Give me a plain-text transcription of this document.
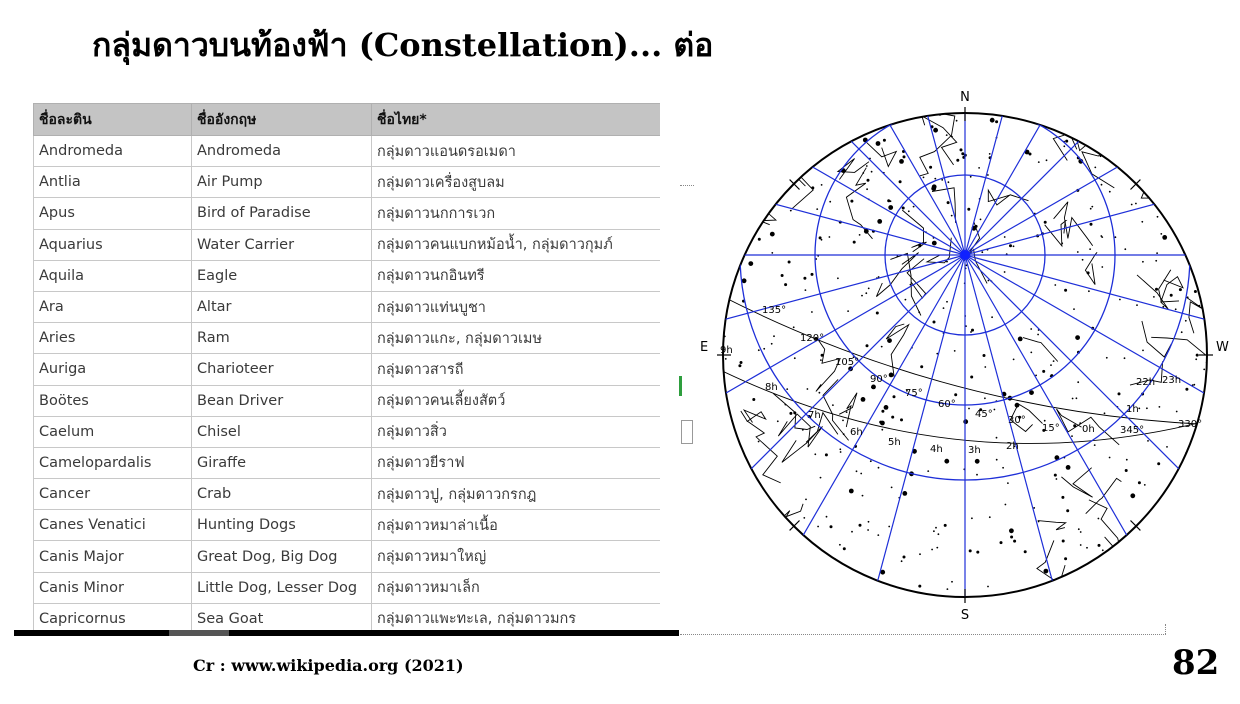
กลุ่มดาวบนท้องฟ้า (Constellation)... ต่อ
ชื่อละติน	ชื่ออังกฤษ	ชื่อไทย*
Andromeda	Andromeda	กลุ่มดาวแอนดรอเมดา
Antlia	Air Pump	กลุ่มดาวเครื่องสูบลม
Apus	Bird of Paradise	กลุ่มดาวนกการเวก
Aquarius	Water Carrier	กลุ่มดาวคนแบกหม้อน้ำ, กลุ่มดาวกุมภ์
Aquila	Eagle	กลุ่มดาวนกอินทรี
Ara	Altar	กลุ่มดาวแท่นบูชา
Aries	Ram	กลุ่มดาวแกะ, กลุ่มดาวเมษ
Auriga	Charioteer	กลุ่มดาวสารถี
Boötes	Bean Driver	กลุ่มดาวคนเลี้ยงสัตว์
Caelum	Chisel	กลุ่มดาวสิ่ว
Camelopardalis	Giraffe	กลุ่มดาวยีราฟ
Cancer	Crab	กลุ่มดาวปู, กลุ่มดาวกรกฎ
Canes Venatici	Hunting Dogs	กลุ่มดาวหมาล่าเนื้อ
Canis Major	Great Dog, Big Dog	กลุ่มดาวหมาใหญ่
Canis Minor	Little Dog, Lesser Dog	กลุ่มดาวหมาเล็ก
Capricornus	Sea Goat	กลุ่มดาวแพะทะเล, กลุ่มดาวมกร
9h
8h
7h
6h
5h
4h	3h	2h
0h
23h
1h
22h
135°
120°
105°
90°
75°
60°
45°
30°
15°	345°
330°
N
S
E	W

Cr : www.wikipedia.org (2021)	82
